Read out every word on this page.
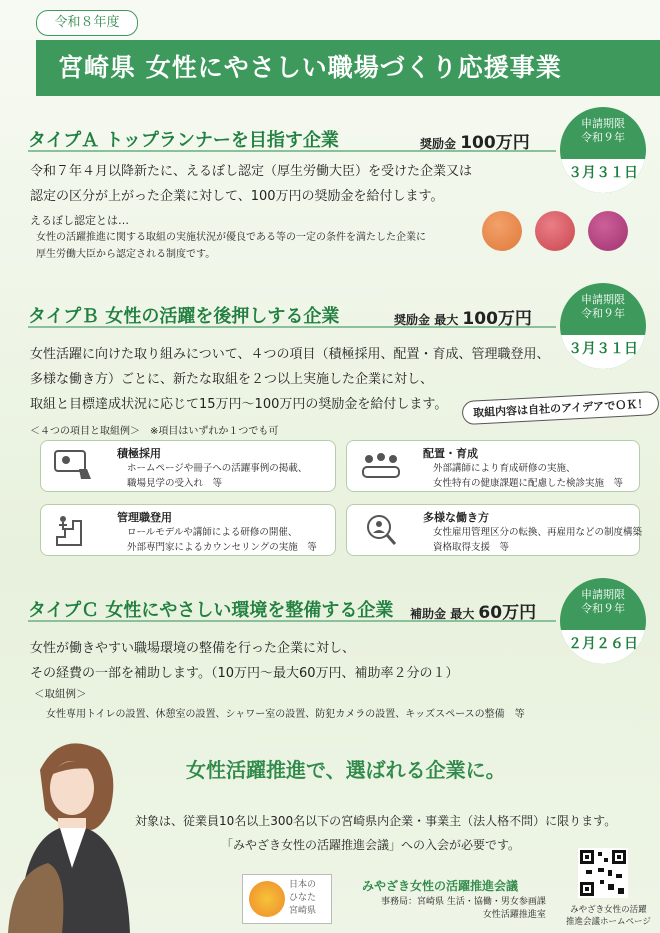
令和８年度
宮崎県 女性にやさしい職場づくり応援事業
タイプＡ トップランナーを目指す企業	奨励金 100万円
申請期限
令和９年
３月３１日
令和７年４月以降新たに、えるぼし認定（厚生労働大臣）を受けた企業又は
認定の区分が上がった企業に対して、100万円の奨励金を給付します。
えるぼし認定とは…
女性の活躍推進に関する取組の実施状況が優良である等の一定の条件を満たした企業に
厚生労働大臣から認定される制度です。
タイプＢ 女性の活躍を後押しする企業	奨励金 最大 100万円
申請期限
令和９年
３月３１日
女性活躍に向けた取り組みについて、４つの項目（積極採用、配置・育成、管理職登用、
多様な働き方）ごとに、新たな取組を２つ以上実施した企業に対し、
取組と目標達成状況に応じて15万円～100万円の奨励金を給付します。	取組内容は自社のアイデアでＯＫ！
＜４つの項目と取組例＞　※項目はいずれか１つでも可
積極採用
ホームページや冊子への活躍事例の掲載、
職場見学の受入れ　等
配置・育成
外部講師により育成研修の実施、
女性特有の健康課題に配慮した検診実施　等
管理職登用
ロールモデルや講師による研修の開催、
外部専門家によるカウンセリングの実施　等
多様な働き方
女性雇用管理区分の転換、再雇用などの制度構築
資格取得支援　等
タイプＣ 女性にやさしい環境を整備する企業 補助金 最大 60万円
申請期限
令和９年
２月２６日
女性が働きやすい職場環境の整備を行った企業に対し、
その経費の一部を補助します。（10万円～最大60万円、補助率２分の１）
＜取組例＞
女性専用トイレの設置、休憩室の設置、シャワー室の設置、防犯カメラの設置、キッズスペースの整備　等
女性活躍推進で、選ばれる企業に。
対象は、従業員10名以上300名以下の宮崎県内企業・事業主（法人格不問）に限ります。
「みやざき女性の活躍推進会議」への入会が必要です。
日本の
ひなた
宮崎県
みやざき女性の活躍推進会議
事務局：宮崎県 生活・協働・男女参画課
女性活躍推進室	みやざき女性の活躍
推進会議ホームページ
